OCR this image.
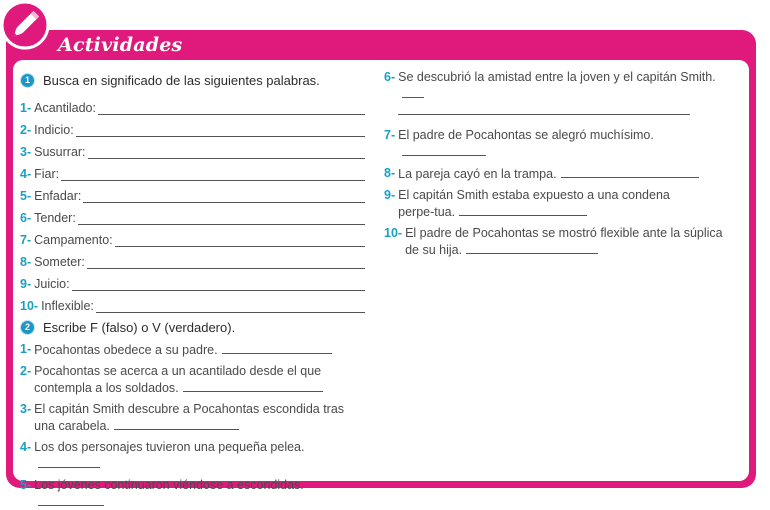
Actividades
1	Busca en significado de las siguientes palabras.
1- Acantilado:
2- Indicio:
3- Susurrar:
4- Fiar:
5- Enfadar:
6- Tender:
7- Campamento:
8- Someter:
9- Juicio:
10- Inflexible:
2	Escribe F (falso) o V (verdadero).
1- Pocahontas obedece a su padre.
2- Pocahontas se acerca a un acantilado desde el que contempla a los soldados.
3- El capitán Smith descubre a Pocahontas escondida tras una carabela.
4- Los dos personajes tuvieron una pequeña pelea.
5- Los jóvenes continuaron viéndose a escondidas.
6- Se descubrió la amistad entre la joven y el capitán Smith.

7- El padre de Pocahontas se alegró muchísimo.
8- La pareja cayó en la trampa.
9- El capitán Smith estaba expuesto a una condena perpe-tua.
10- El padre de Pocahontas se mostró flexible ante la súplica de su hija.
